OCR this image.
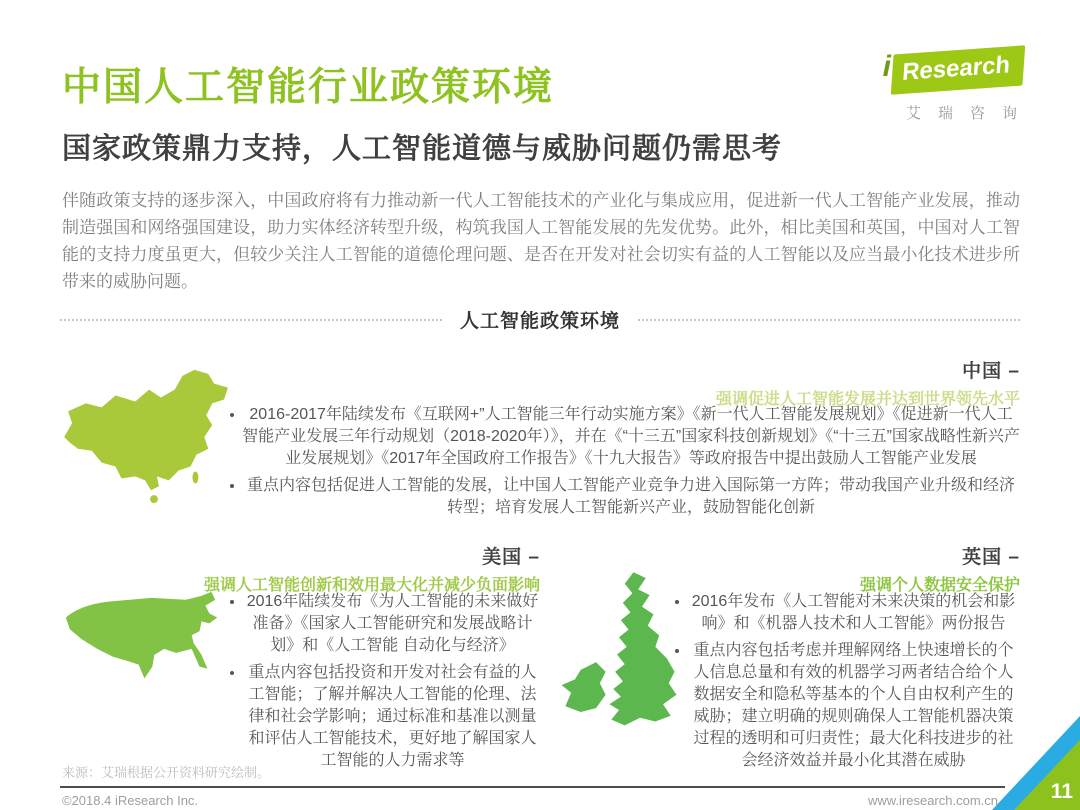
中国人工智能行业政策环境	i Research
艾瑞咨询
国家政策鼎力支持，人工智能道德与威胁问题仍需思考
伴随政策支持的逐步深入，中国政府将有力推动新一代人工智能技术的产业化与集成应用，促进新一代人工智能产业发展，推动制造强国和网络强国建设，助力实体经济转型升级，构筑我国人工智能发展的先发优势。此外，相比美国和英国，中国对人工智能的支持力度虽更大，但较少关注人工智能的道德伦理问题、是否在开发对社会切实有益的人工智能以及应当最小化技术进步所带来的威胁问题。
人工智能政策环境
中国 –
强调促进人工智能发展并达到世界领先水平
2016-2017年陆续发布《互联网+”人工智能三年行动实施方案》《新一代人工智能发展规划》《促进新一代人工智能产业发展三年行动规划（2018-2020年）》，并在《“十三五”国家科技创新规划》《“十三五”国家战略性新兴产业发展规划》《2017年全国政府工作报告》《十九大报告》等政府报告中提出鼓励人工智能产业发展
重点内容包括促进人工智能的发展，让中国人工智能产业竞争力进入国际第一方阵；带动我国产业升级和经济转型；培育发展人工智能新兴产业，鼓励智能化创新
美国 –
强调人工智能创新和效用最大化并减少负面影响
2016年陆续发布《为人工智能的未来做好准备》《国家人工智能研究和发展战略计划》和《人工智能 自动化与经济》
重点内容包括投资和开发对社会有益的人工智能；了解并解决人工智能的伦理、法律和社会学影响；通过标准和基准以测量和评估人工智能技术，更好地了解国家人工智能的人力需求等
英国 –
强调个人数据安全保护
2016年发布《人工智能对未来决策的机会和影响》和《机器人技术和人工智能》两份报告
重点内容包括考虑并理解网络上快速增长的个人信息总量和有效的机器学习两者结合给个人数据安全和隐私等基本的个人自由权利产生的威胁；建立明确的规则确保人工智能机器决策过程的透明和可归责性；最大化科技进步的社会经济效益并最小化其潜在威胁
来源：艾瑞根据公开资料研究绘制。
©2018.4 iResearch Inc.	www.iresearch.com.cn	11
